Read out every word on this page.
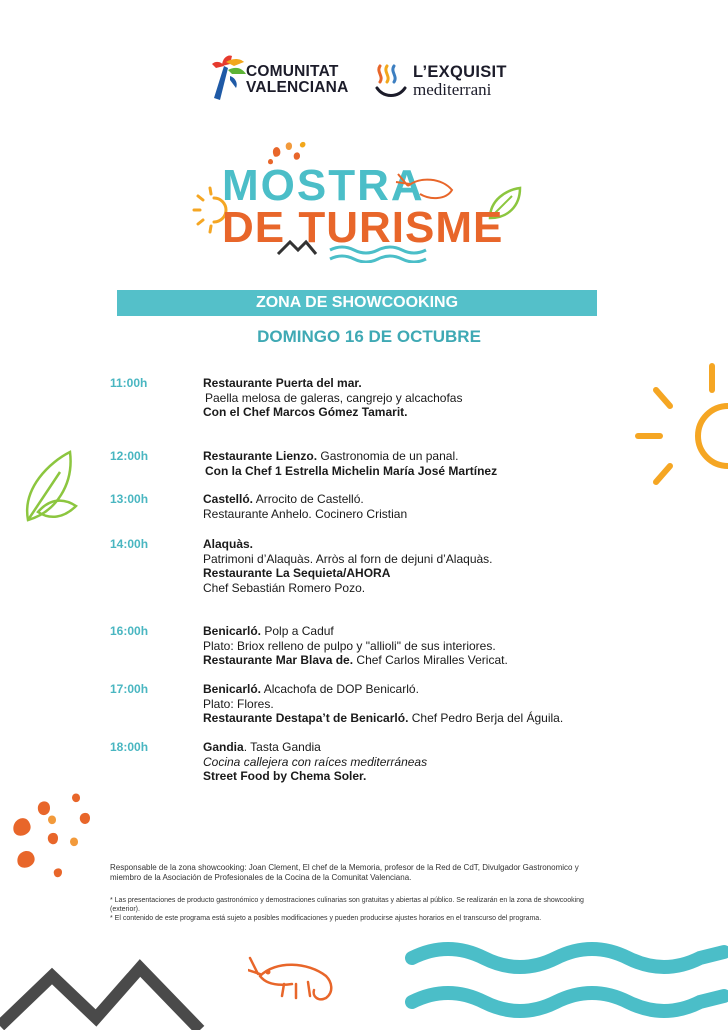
COMUNITAT
VALENCIANA
L’EXQUISIT
mediterrani
MOSTRA
DE TURISME
ZONA DE SHOWCOOKING
DOMINGO 16 DE OCTUBRE
11:00h	Restaurante Puerta del mar.
Paella melosa de galeras, cangrejo y alcachofas
Con el Chef Marcos Gómez Tamarit.
12:00h	Restaurante Lienzo. Gastronomia de un panal.
Con la Chef 1 Estrella Michelin María José Martínez
13:00h	Castelló. Arrocito de Castelló.
Restaurante Anhelo. Cocinero Cristian
14:00h	Alaquàs.
Patrimoni d’Alaquàs. Arròs al forn de dejuni d’Alaquàs.
Restaurante La Sequieta/AHORA
Chef Sebastián Romero Pozo.
16:00h	Benicarló. Polp a Caduf
Plato: Briox relleno de pulpo y "allioli" de sus interiores.
Restaurante Mar Blava de. Chef Carlos Miralles Vericat.
17:00h	Benicarló. Alcachofa de DOP Benicarló.
Plato: Flores.
Restaurante Destapa’t de Benicarló. Chef Pedro Berja del Águila.
18:00h	Gandia. Tasta Gandia
Cocina callejera con raíces mediterráneas
Street Food by Chema Soler.
Responsable de la zona showcooking: Joan Clement, El chef de la Memoria, profesor de la Red de CdT, Divulgador Gastronomico y
miembro de la Asociación de Profesionales de la Cocina de la Comunitat Valenciana.
* Las presentaciones de producto gastronómico y demostraciones culinarias son gratuitas y abiertas al público. Se realizarán en la zona de showcooking
(exterior).
* El contenido de este programa está sujeto a posibles modificaciones y pueden producirse ajustes horarios en el transcurso del programa.
